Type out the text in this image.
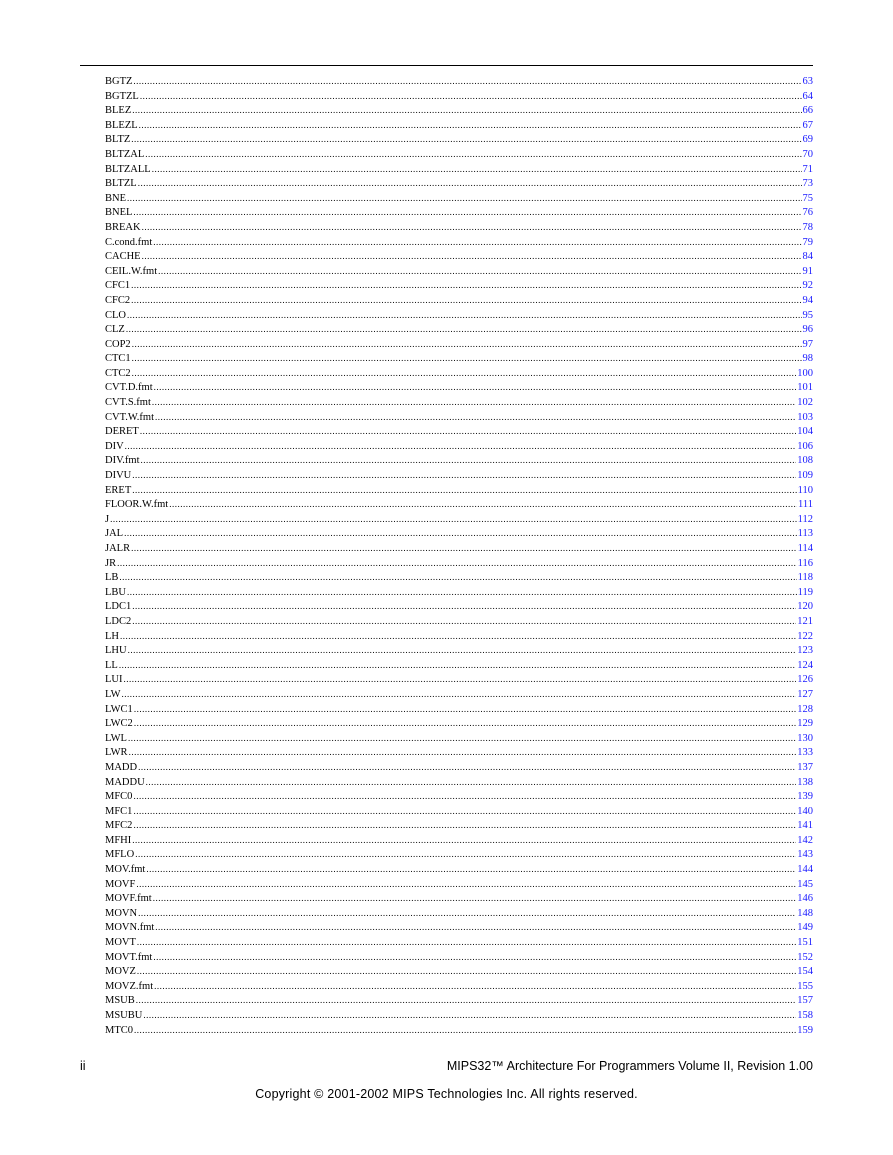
BGTZ .....	63
BGTZL .....	64
BLEZ .....	66
BLEZL .....	67
BLTZ .....	69
BLTZAL .....	70
BLTZALL .....	71
BLTZL .....	73
BNE .....	75
BNEL .....	76
BREAK .....	78
C.cond.fmt .....	79
CACHE .....	84
CEIL.W.fmt .....	91
CFC1 .....	92
CFC2 .....	94
CLO .....	95
CLZ .....	96
COP2 .....	97
CTC1 .....	98
CTC2 .....	100
CVT.D.fmt .....	101
CVT.S.fmt .....	102
CVT.W.fmt .....	103
DERET .....	104
DIV .....	106
DIV.fmt .....	108
DIVU .....	109
ERET .....	110
FLOOR.W.fmt .....	111
J .....	112
JAL .....	113
JALR .....	114
JR .....	116
LB .....	118
LBU .....	119
LDC1 .....	120
LDC2 .....	121
LH .....	122
LHU .....	123
LL .....	124
LUI .....	126
LW .....	127
LWC1 .....	128
LWC2 .....	129
LWL .....	130
LWR .....	133
MADD .....	137
MADDU .....	138
MFC0 .....	139
MFC1 .....	140
MFC2 .....	141
MFHI .....	142
MFLO .....	143
MOV.fmt .....	144
MOVF .....	145
MOVF.fmt .....	146
MOVN .....	148
MOVN.fmt .....	149
MOVT .....	151
MOVT.fmt .....	152
MOVZ .....	154
MOVZ.fmt .....	155
MSUB .....	157
MSUBU .....	158
MTC0 .....	159
ii	MIPS32™ Architecture For Programmers Volume II, Revision 1.00
Copyright © 2001-2002 MIPS Technologies Inc. All rights reserved.
